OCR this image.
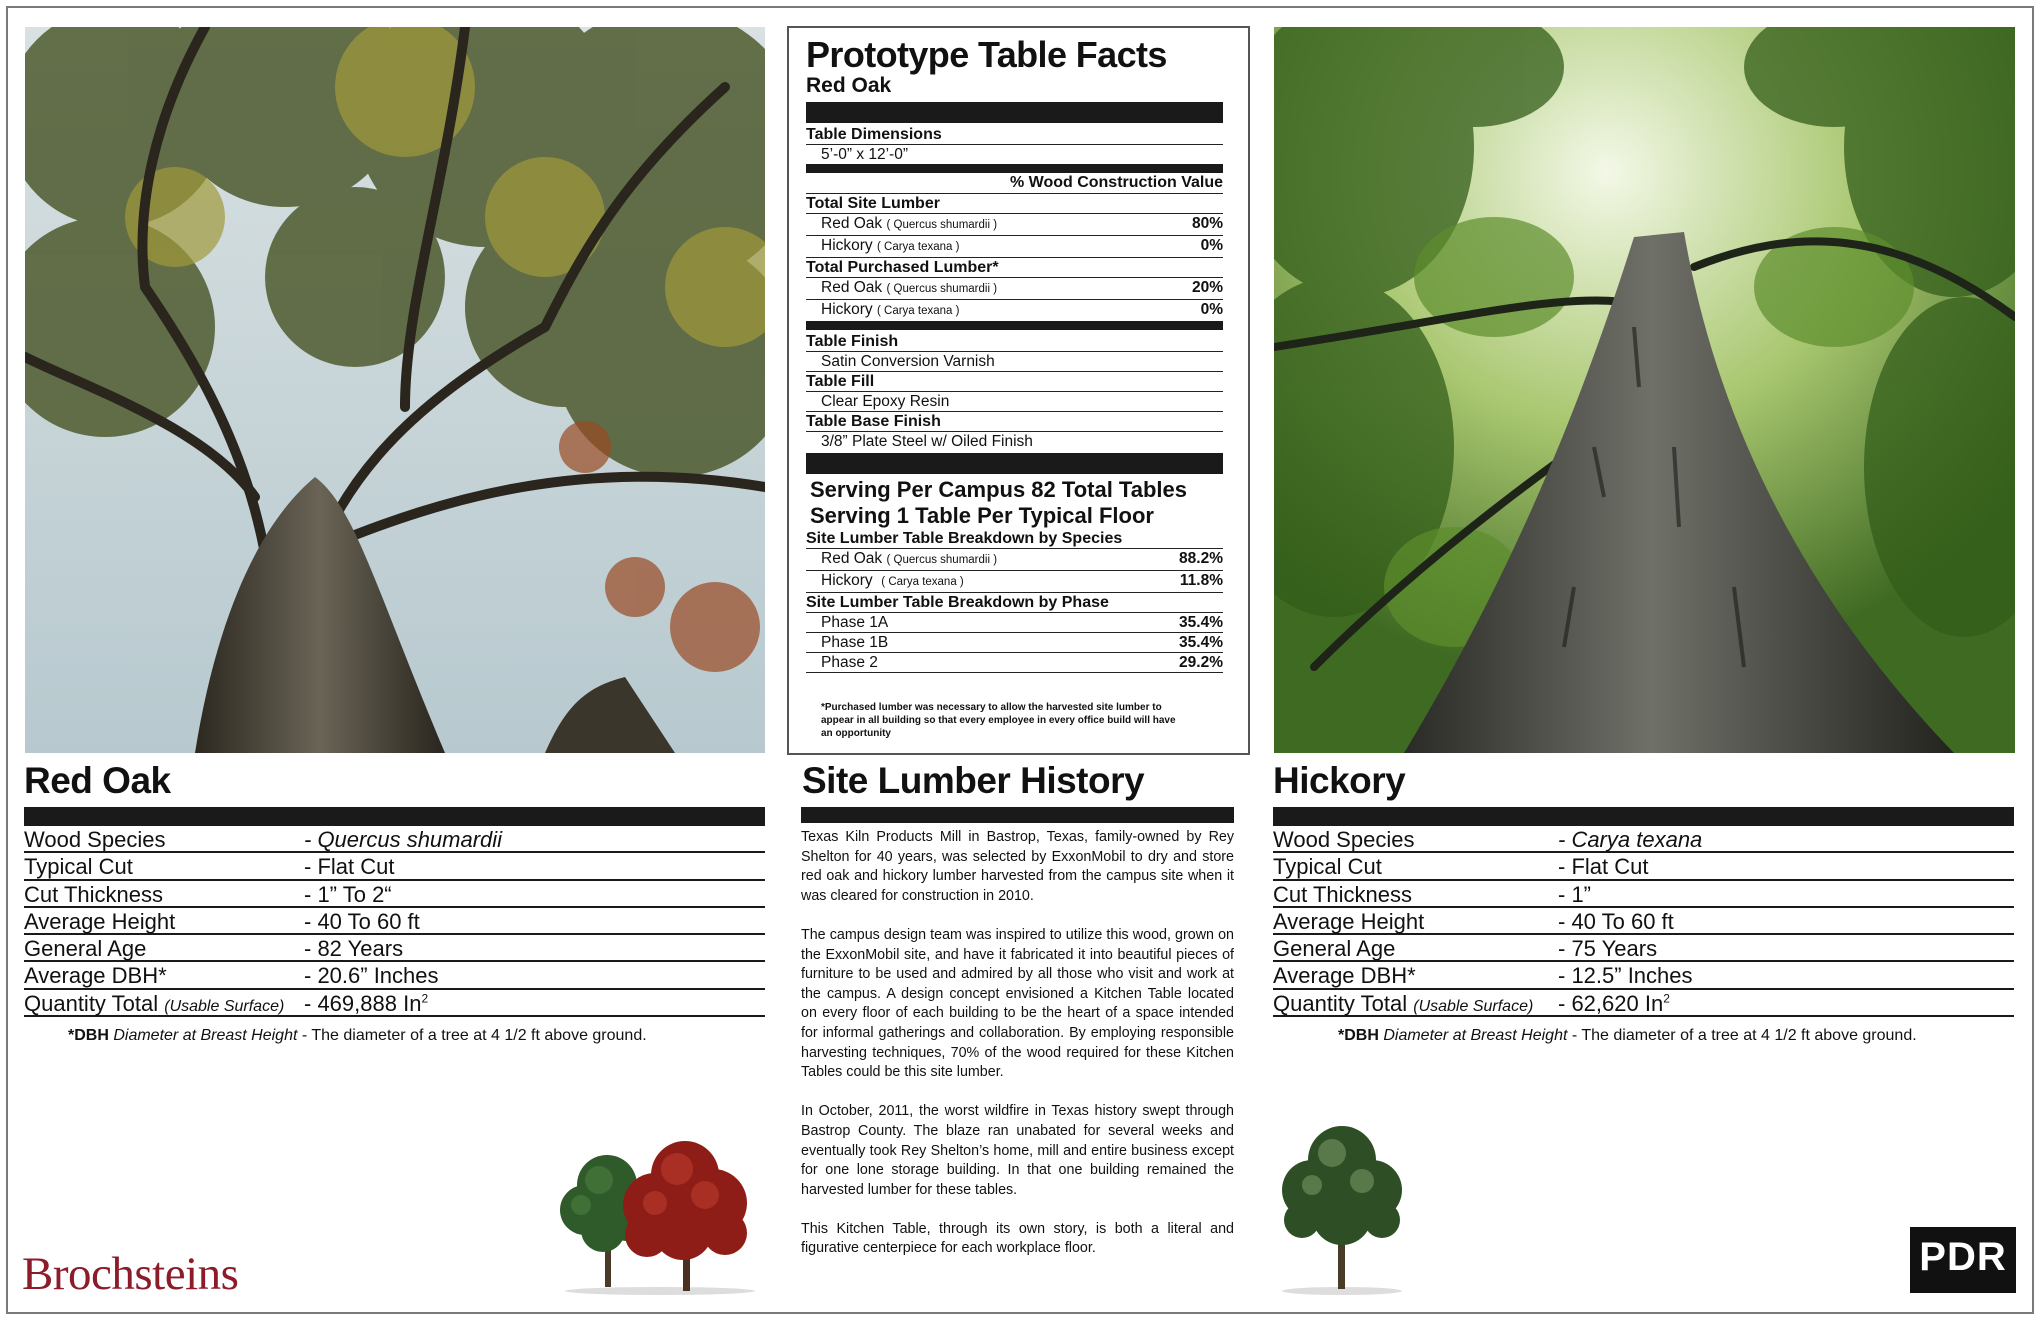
Prototype Table Facts
Red Oak
Table Dimensions
5’-0” x 12’-0”
% Wood Construction Value
Total Site Lumber
Red Oak ( Quercus shumardii )	80%
Hickory ( Carya texana )	0%
Total Purchased Lumber*
Red Oak ( Quercus shumardii )	20%
Hickory ( Carya texana )	0%
Table Finish
Satin Conversion Varnish
Table Fill
Clear Epoxy Resin
Table Base Finish
3/8” Plate Steel w/ Oiled Finish
Serving Per Campus 82 Total Tables
Serving 1 Table Per Typical Floor
Site Lumber Table Breakdown by Species
Red Oak ( Quercus shumardii )	88.2%
Hickory ( Carya texana )	11.8%
Site Lumber Table Breakdown by Phase
Phase 1A	35.4%
Phase 1B	35.4%
Phase 2	29.2%
*Purchased lumber was necessary to allow the harvested site lumber to
appear in all building so that every employee in every office build will have
an opportunity
Red Oak
Wood Species	- Quercus shumardii
Typical Cut	- Flat Cut
Cut Thickness	- 1” To 2“
Average Height	- 40 To 60 ft
General Age	- 82 Years
Average DBH*	- 20.6” Inches
Quantity Total (Usable Surface) - 469,888 In$^2$
*DBH Diameter at Breast Height - The diameter of a tree at 4 1/2 ft above ground.
Hickory
Wood Species	- Carya texana
Typical Cut	- Flat Cut
Cut Thickness	- 1”
Average Height	- 40 To 60 ft
General Age	- 75 Years
Average DBH*	- 12.5” Inches
Quantity Total (Usable Surface) - 62,620 In$^2$
*DBH Diameter at Breast Height - The diameter of a tree at 4 1/2 ft above ground.
Site Lumber History

Texas Kiln Products Mill in Bastrop, Texas, family-owned by Rey Shelton for 40 years, was selected by ExxonMobil to dry and store red oak and hickory lumber harvested from the campus site when it was cleared for construction in 2010.

The campus design team was inspired to utilize this wood, grown on the ExxonMobil site, and have it fabricated it into beautiful pieces of furniture to be used and admired by all those who visit and work at the campus. A design concept envisioned a Kitchen Table located on every floor of each building to be the heart of a space intended for informal gatherings and collaboration. By employing responsible harvesting techniques, 70% of the wood required for these Kitchen Tables could be this site lumber.

In October, 2011, the worst wildfire in Texas history swept through Bastrop County. The blaze ran unabated for several weeks and eventually took Rey Shelton’s home, mill and entire business except for one lone storage building. In that one building remained the harvested lumber for these tables.

This Kitchen Table, through its own story, is both a literal and figurative centerpiece for each workplace floor.

Brochsteins	PDR
